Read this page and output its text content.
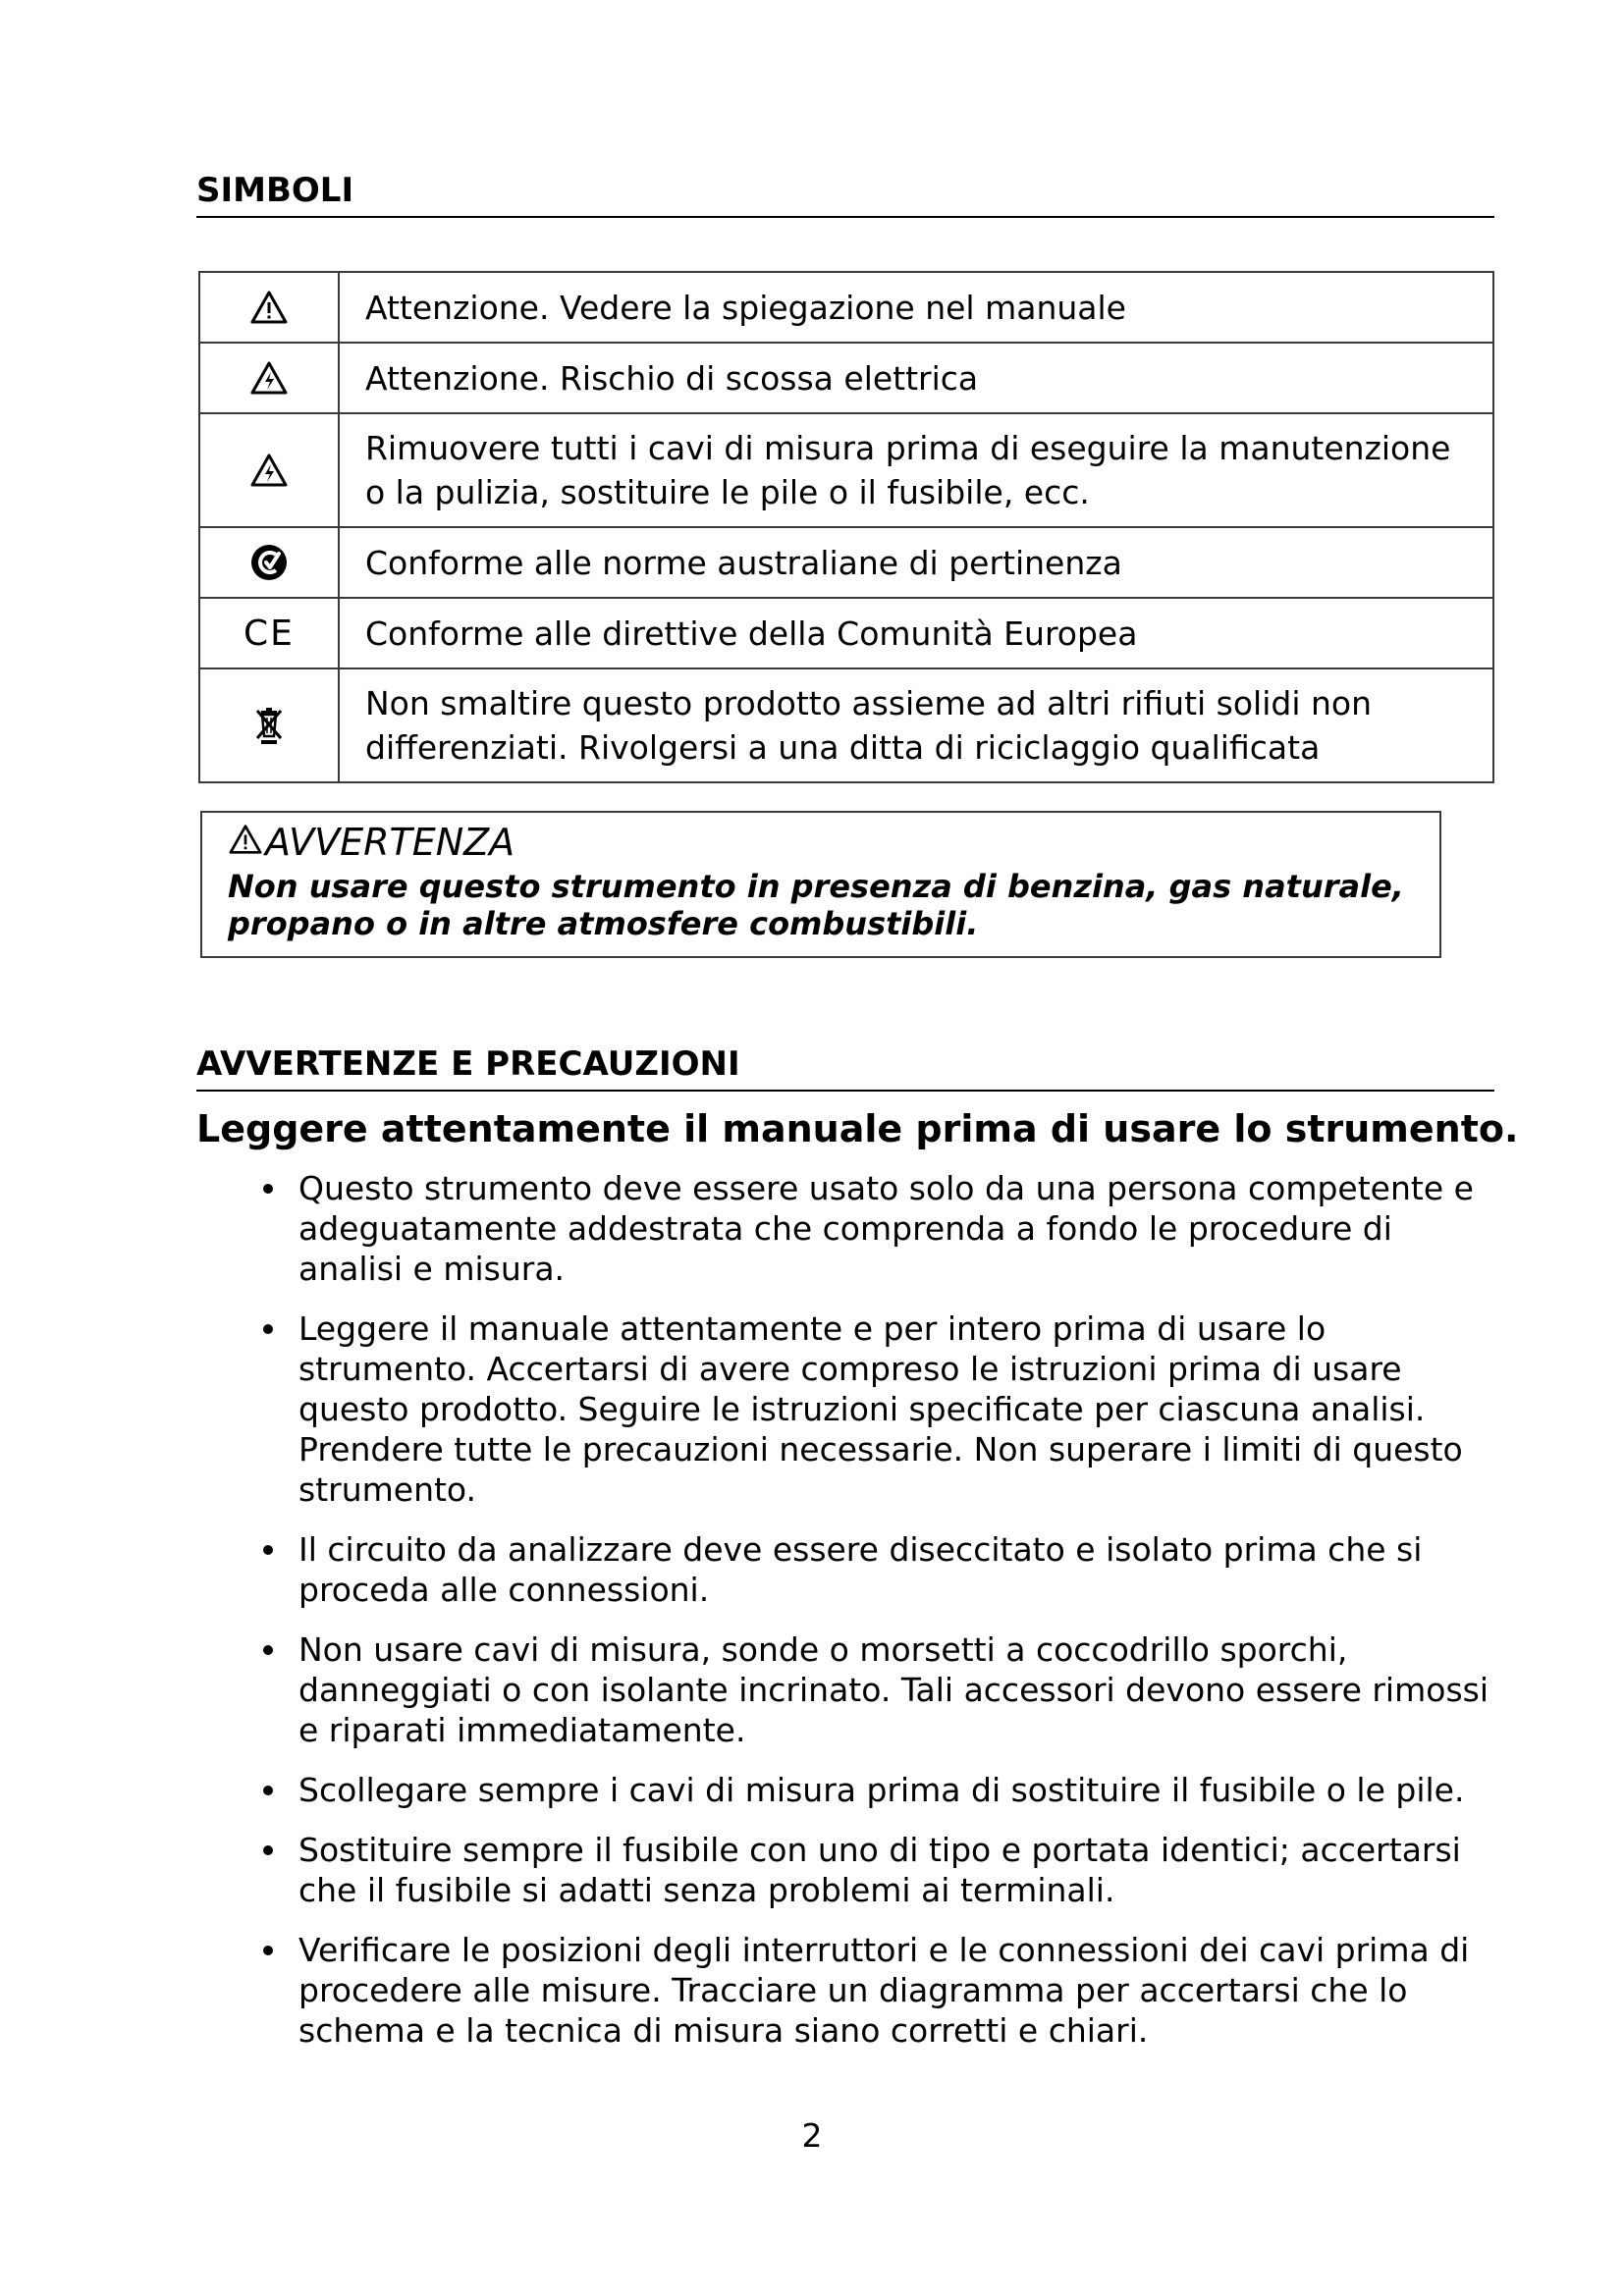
SIMBOLI
	Attenzione. Vedere la spiegazione nel manuale

	Attenzione. Rischio di scossa elettrica

	Rimuovere tutti i cavi di misura prima di eseguire la manutenzione o la pulizia, sostituire le pile o il fusibile, ecc.

	Conforme alle norme australiane di pertinenza
CE	Conforme alle direttive della Comunità Europea

	Non smaltire questo prodotto assieme ad altri rifiuti solidi non differenziati. Rivolgersi a una ditta di riciclaggio qualificata
AVVERTENZA
Non usare questo strumento in presenza di benzina, gas naturale, propano o in altre atmosfere combustibili.
AVVERTENZE E PRECAUZIONI
Leggere attentamente il manuale prima di usare lo strumento.
Questo strumento deve essere usato solo da una persona competente e adeguatamente addestrata che comprenda a fondo le procedure di analisi e misura.
Leggere il manuale attentamente e per intero prima di usare lo strumento. Accertarsi di avere compreso le istruzioni prima di usare questo prodotto. Seguire le istruzioni specificate per ciascuna analisi. Prendere tutte le precauzioni necessarie. Non superare i limiti di questo strumento.
Il circuito da analizzare deve essere diseccitato e isolato prima che si proceda alle connessioni.
Non usare cavi di misura, sonde o morsetti a coccodrillo sporchi, danneggiati o con isolante incrinato. Tali accessori devono essere rimossi e riparati immediatamente.
Scollegare sempre i cavi di misura prima di sostituire il fusibile o le pile.
Sostituire sempre il fusibile con uno di tipo e portata identici; accertarsi che il fusibile si adatti senza problemi ai terminali.
Verificare le posizioni degli interruttori e le connessioni dei cavi prima di procedere alle misure. Tracciare un diagramma per accertarsi che lo schema e la tecnica di misura siano corretti e chiari.
2
